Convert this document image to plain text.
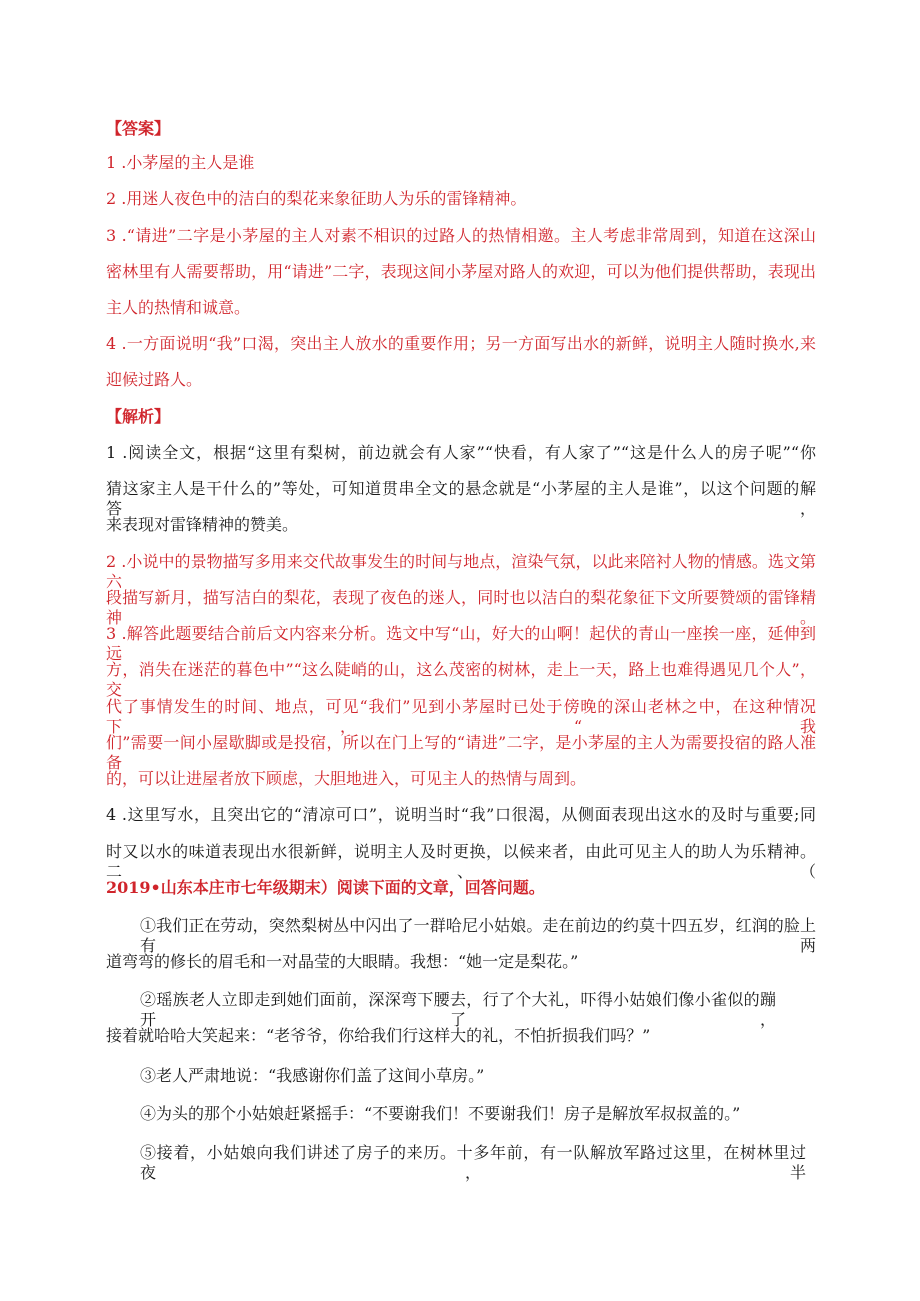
【答案】
1 .小茅屋的主人是谁
2 .用迷人夜色中的洁白的梨花来象征助人为乐的雷锋精神。
3 .“请进”二字是小茅屋的主人对素不相识的过路人的热情相邀。主人考虑非常周到，知道在这深山
密林里有人需要帮助，用“请进”二字，表现这间小茅屋对路人的欢迎，可以为他们提供帮助，表现出
主人的热情和诚意。
4 .一方面说明“我”口渴，突出主人放水的重要作用；另一方面写出水的新鲜，说明主人随时换水,来
迎候过路人。
【解析】
1 .阅读全文，根据“这里有梨树，前边就会有人家”“快看，有人家了”“这是什么人的房子呢”“你
猜这家主人是干什么的”等处，可知道贯串全文的悬念就是“小茅屋的主人是谁”，以这个问题的解答，
来表现对雷锋精神的赞美。
2 .小说中的景物描写多用来交代故事发生的时间与地点，渲染气氛，以此来陪衬人物的情感。选文第六
段描写新月，描写洁白的梨花，表现了夜色的迷人，同时也以洁白的梨花象征下文所要赞颂的雷锋精神。
3 .解答此题要结合前后文内容来分析。选文中写“山，好大的山啊！起伏的青山一座挨一座，延伸到远
方，消失在迷茫的暮色中”“这么陡峭的山，这么茂密的树林，走上一天，路上也难得遇见几个人”，交
代了事情发生的时间、地点，可见“我们”见到小茅屋时已处于傍晚的深山老林之中，在这种情况下，“我
们”需要一间小屋歇脚或是投宿，所以在门上写的“请进”二字，是小茅屋的主人为需要投宿的路人准备
的，可以让进屋者放下顾虑，大胆地进入，可见主人的热情与周到。
4 .这里写水，且突出它的“清凉可口”，说明当时“我”口很渴，从侧面表现出这水的及时与重要;同
时又以水的味道表现出水很新鲜，说明主人及时更换，以候来者，由此可见主人的助人为乐精神。二、（
2019•山东本庄市七年级期末）阅读下面的文章，回答问题。
①我们正在劳动，突然梨树丛中闪出了一群哈尼小姑娘。走在前边的约莫十四五岁，红润的脸上有两
道弯弯的修长的眉毛和一对晶莹的大眼睛。我想：“她一定是梨花。”
②瑶族老人立即走到她们面前，深深弯下腰去，行了个大礼，吓得小姑娘们像小雀似的蹦开了，
接着就哈哈大笑起来：“老爷爷，你给我们行这样大的礼，不怕折损我们吗？”
③老人严肃地说：“我感谢你们盖了这间小草房。”
④为头的那个小姑娘赶紧摇手：“不要谢我们！不要谢我们！房子是解放军叔叔盖的。”
⑤接着，小姑娘向我们讲述了房子的来历。十多年前，有一队解放军路过这里，在树林里过夜，半
